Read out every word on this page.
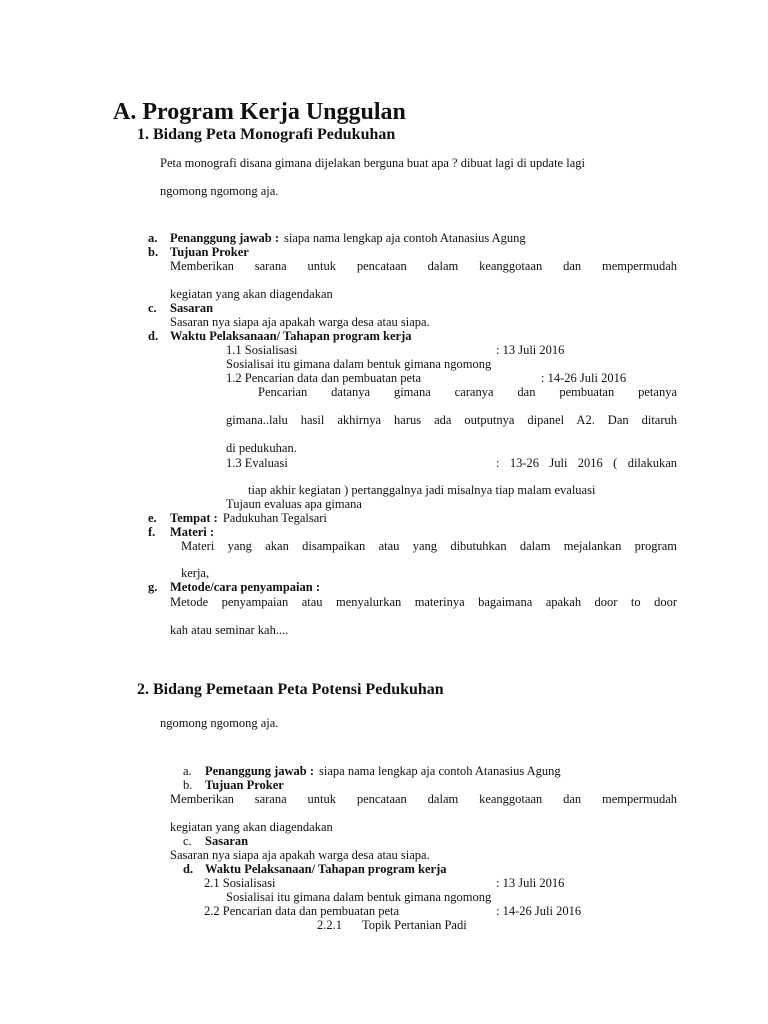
A. Program Kerja Unggulan
1. Bidang Peta Monografi Pedukuhan
Peta monografi disana gimana dijelakan berguna buat apa ? dibuat lagi di update lagi
ngomong ngomong aja.
a. Penanggung jawab : siapa nama lengkap aja contoh Atanasius Agung
b. Tujuan Proker
Memberikan sarana untuk pencataan dalam keanggotaan dan mempermudah
kegiatan yang akan diagendakan
c. Sasaran
Sasaran nya siapa aja apakah warga desa atau siapa.
d. Waktu Pelaksanaan/ Tahapan program kerja
1.1 Sosialisasi	: 13 Juli 2016
Sosialisai itu gimana dalam bentuk gimana ngomong
1.2 Pencarian data dan pembuatan peta	: 14-26 Juli 2016
Pencarian datanya gimana caranya dan pembuatan petanya
gimana..lalu hasil akhirnya harus ada outputnya dipanel A2. Dan ditaruh
di pedukuhan.
1.3 Evaluasi	: 13-26 Juli 2016 ( dilakukan
tiap akhir kegiatan ) pertanggalnya jadi misalnya tiap malam evaluasi
Tujaun evaluas apa gimana
e. Tempat : Padukuhan Tegalsari
f. Materi :
Materi yang akan disampaikan atau yang dibutuhkan dalam mejalankan program
kerja,
g. Metode/cara penyampaian :
Metode penyampaian atau menyalurkan materinya bagaimana apakah door to door
kah atau seminar kah....
2. Bidang Pemetaan Peta Potensi Pedukuhan
ngomong ngomong aja.
a. Penanggung jawab : siapa nama lengkap aja contoh Atanasius Agung
b. Tujuan Proker
Memberikan sarana untuk pencataan dalam keanggotaan dan mempermudah
kegiatan yang akan diagendakan
c. Sasaran
Sasaran nya siapa aja apakah warga desa atau siapa.
d. Waktu Pelaksanaan/ Tahapan program kerja
2.1 Sosialisasi	: 13 Juli 2016
Sosialisai itu gimana dalam bentuk gimana ngomong
2.2 Pencarian data dan pembuatan peta	: 14-26 Juli 2016
2.2.1 Topik Pertanian Padi
